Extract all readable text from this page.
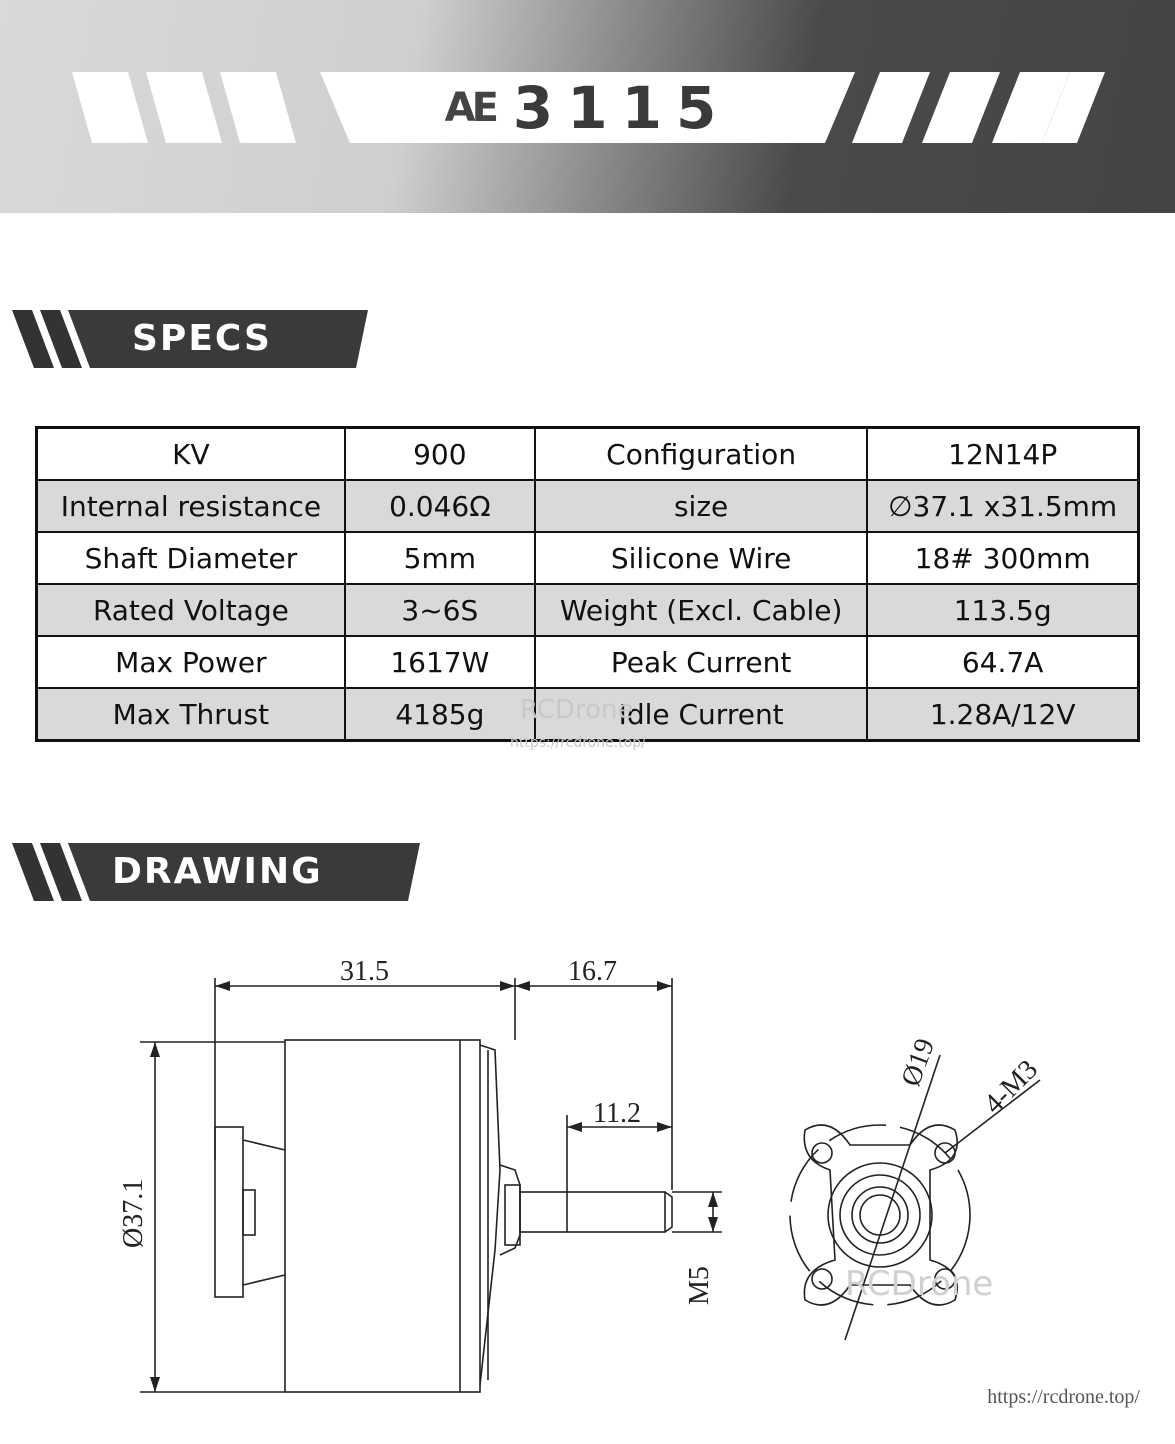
AE 3115
SPECS
KV	900	Configuration	12N14P
Internal resistance	0.046Ω	size	∅37.1 x31.5mm
Shaft Diameter	5mm	Silicone Wire	18# 300mm
Rated Voltage	3~6S	Weight (Excl. Cable)	113.5g
Max Power	1617W	Peak Current	64.7A
Max Thrust	4185g	Idle Current	1.28A/12V
RCDrone
https://rcdrone.top/
DRAWING
31.5	16.7
11.2
Ø37.1
M5
Ø19 4-M3
RCDrone
https://rcdrone.top/
